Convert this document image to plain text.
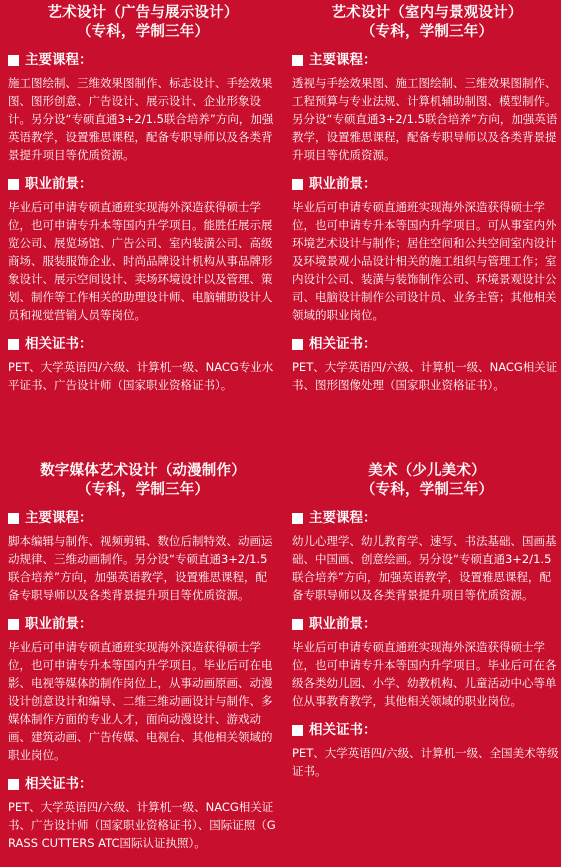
艺术设计（广告与展示设计）
（专科，学制三年）
主要课程：

施工图绘制、三维效果图制作、标志设计、手绘效果图、图形创意、广告设计、展示设计、企业形象设计。另分设“专硕直通3+2/1.5联合培养”方向，加强英语教学，设置雅思课程，配备专职导师以及各类背景提升项目等优质资源。

职业前景：

毕业后可申请专硕直通班实现海外深造获得硕士学位，也可申请专升本等国内升学项目。能胜任展示展览公司、展览场馆、广告公司、室内装潢公司、高级商场、服装服饰企业、时尚品牌设计机构从事品牌形象设计、展示空间设计、卖场环境设计以及管理、策划、制作等工作相关的助理设计师、电脑辅助设计人员和视觉营销人员等岗位。

相关证书：

PET、大学英语四/六级、计算机一级、NACG专业水平证书、广告设计师（国家职业资格证书）。

艺术设计（室内与景观设计）
（专科，学制三年）
主要课程：

透视与手绘效果图、施工图绘制、三维效果图制作、工程预算与专业法规、计算机辅助制图、模型制作。另分设“专硕直通3+2/1.5联合培养”方向，加强英语教学，设置雅思课程，配备专职导师以及各类背景提升项目等优质资源。

职业前景：

毕业后可申请专硕直通班实现海外深造获得硕士学位，也可申请专升本等国内升学项目。可从事室内外环境艺术设计与制作；居住空间和公共空间室内设计及环境景观小品设计相关的施工组织与管理工作；室内设计公司、装潢与装饰制作公司、环境景观设计公司、电脑设计制作公司设计员、业务主管；其他相关领域的职业岗位。

相关证书：

PET、大学英语四/六级、计算机一级、NACG相关证书、图形图像处理（国家职业资格证书）。

数字媒体艺术设计（动漫制作）
（专科，学制三年）
主要课程：

脚本编辑与制作、视频剪辑、数位后制特效、动画运动规律、三维动画制作。另分设“专硕直通3+2/1.5联合培养”方向，加强英语教学，设置雅思课程，配备专职导师以及各类背景提升项目等优质资源。

职业前景：

毕业后可申请专硕直通班实现海外深造获得硕士学位，也可申请专升本等国内升学项目。毕业后可在电影、电视等媒体的制作岗位上，从事动画原画、动漫设计创意设计和编导、二维三维动画设计与制作、多媒体制作方面的专业人才，面向动漫设计、游戏动画、建筑动画、广告传媒、电视台、其他相关领域的职业岗位。

相关证书：

PET、大学英语四/六级、计算机一级、NACG相关证书、广告设计师（国家职业资格证书）、国际证照（GRASS CUTTERS ATC国际认证执照）。

美术（少儿美术）
（专科，学制三年）
主要课程：

幼儿心理学、幼儿教育学、速写、书法基础、国画基础、中国画、创意绘画。另分设“专硕直通3+2/1.5联合培养”方向，加强英语教学，设置雅思课程，配备专职导师以及各类背景提升项目等优质资源。

职业前景：

毕业后可申请专硕直通班实现海外深造获得硕士学位，也可申请专升本等国内升学项目。毕业后可在各级各类幼儿园、小学、幼教机构、儿童活动中心等单位从事教育教学，其他相关领域的职业岗位。

相关证书：

PET、大学英语四/六级、计算机一级、全国美术等级证书。
